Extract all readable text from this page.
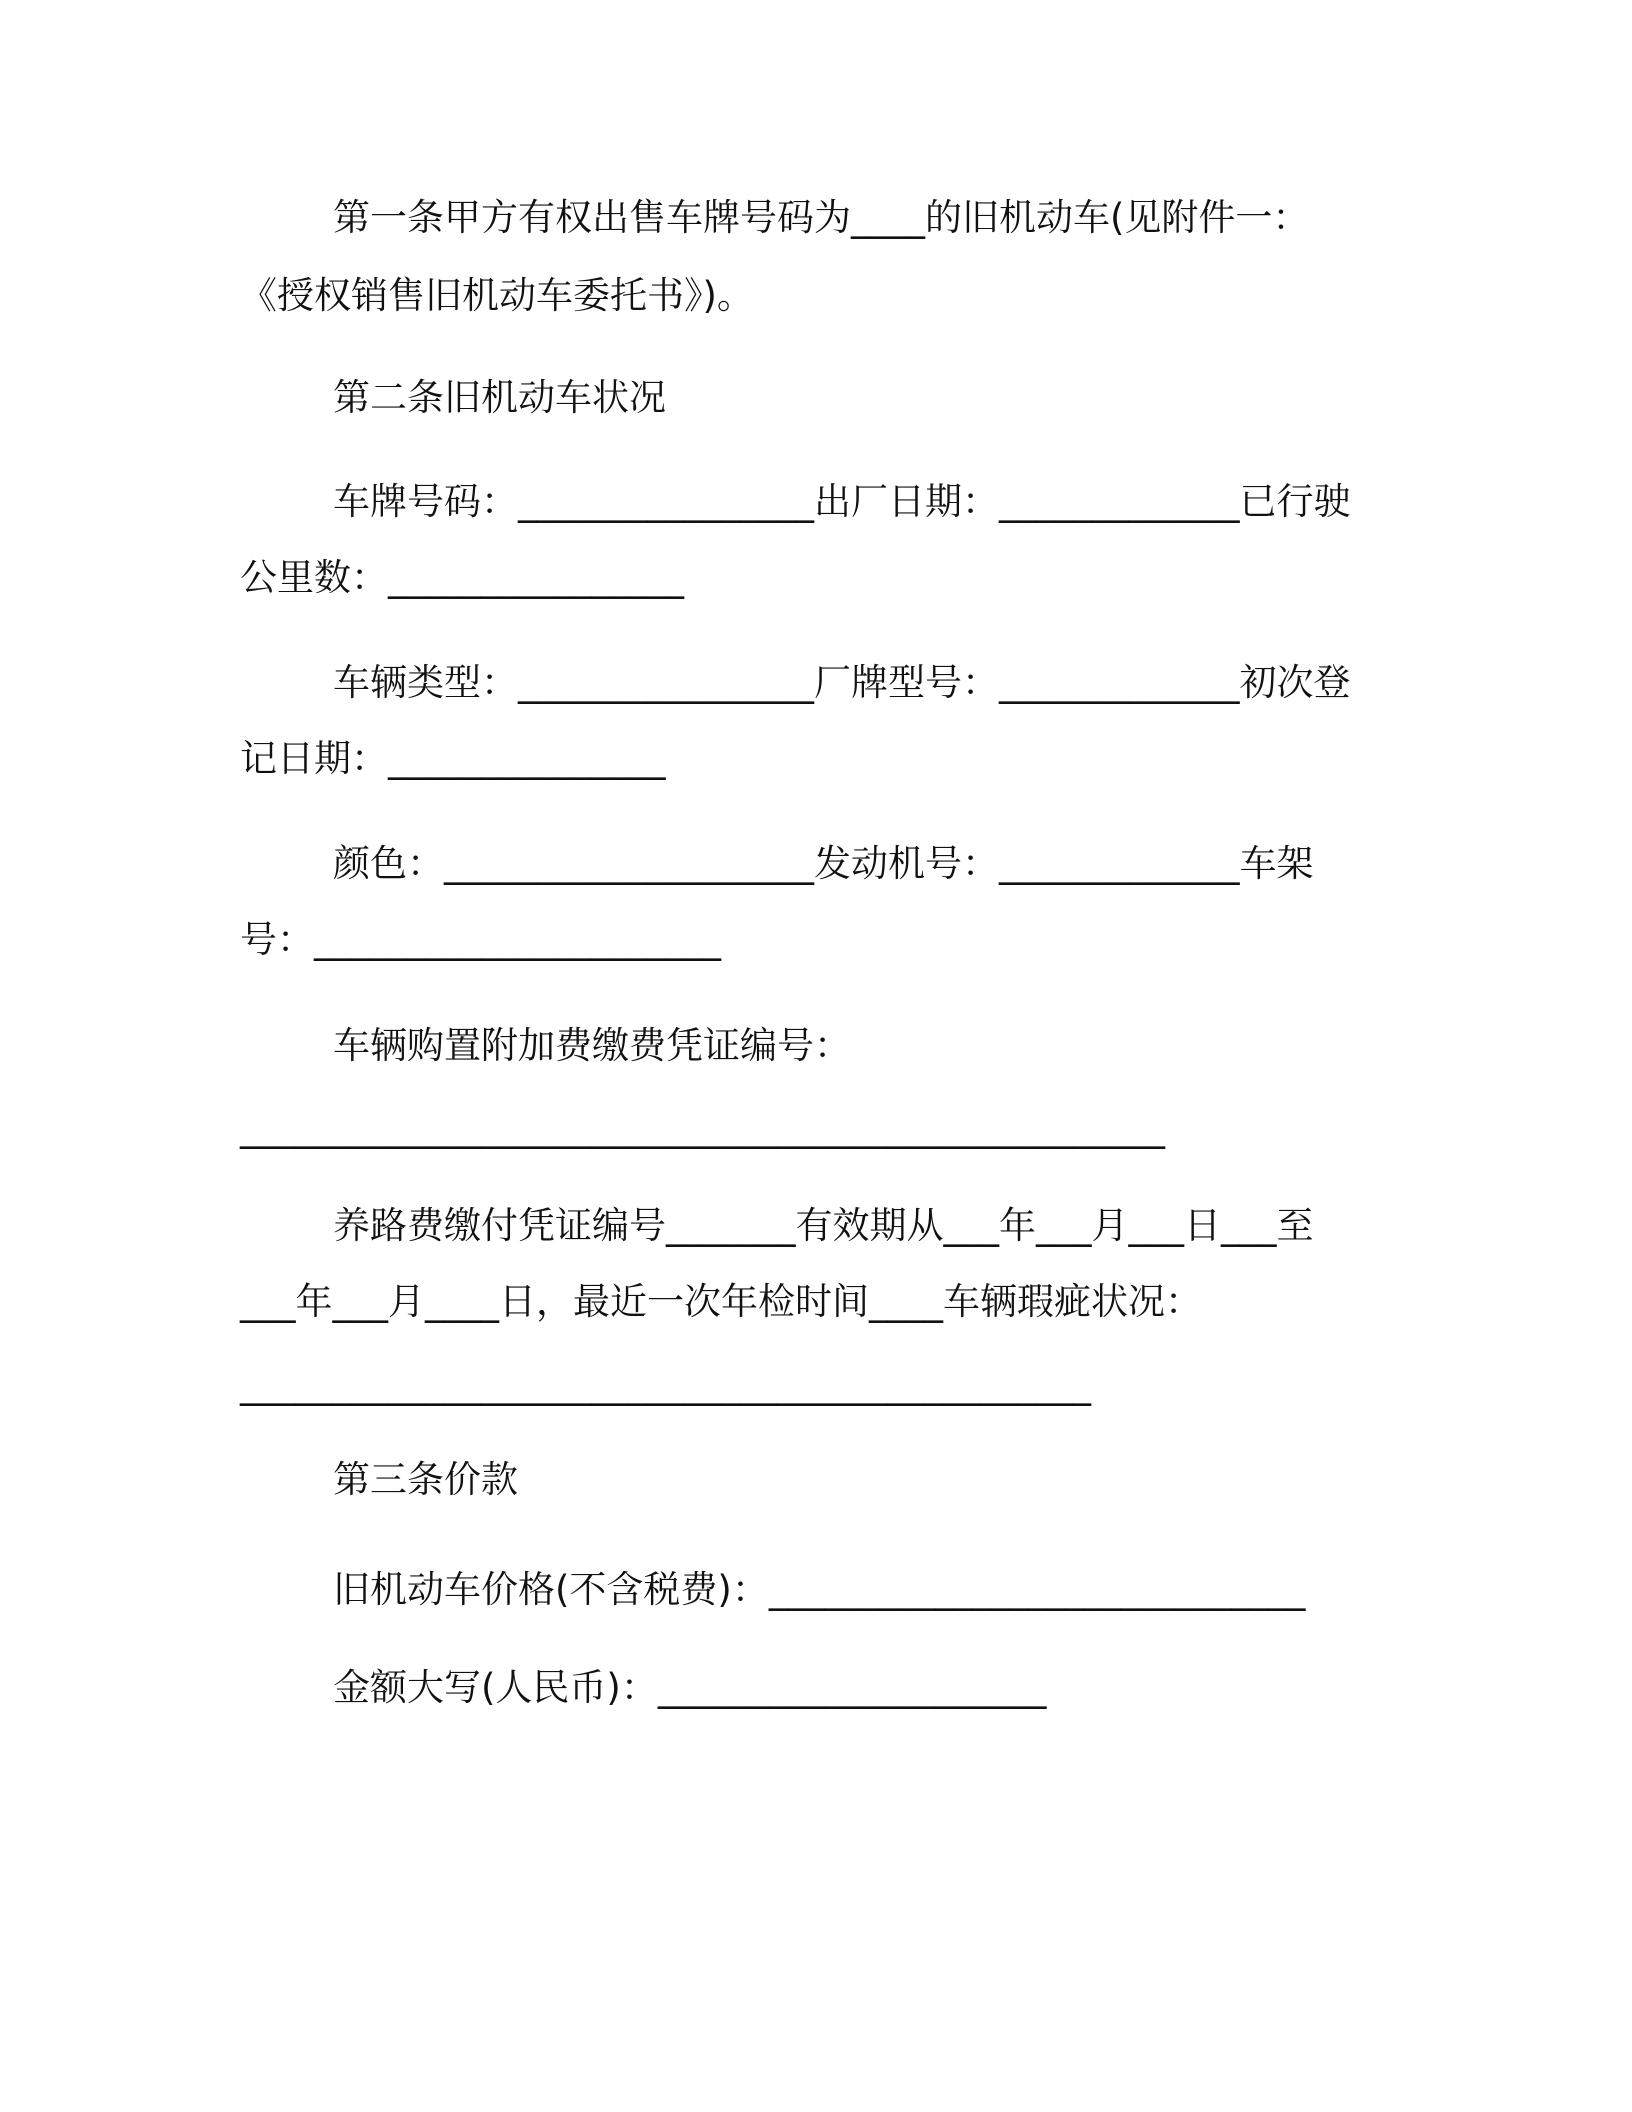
第一条甲方有权出售车牌号码为____的旧机动车(见附件一：
《授权销售旧机动车委托书》)。
第二条旧机动车状况
车牌号码：________________出厂日期：_____________已行驶
公里数：________________
车辆类型：________________厂牌型号：_____________初次登
记日期：_______________
颜色：____________________发动机号：_____________车架
号：______________________
车辆购置附加费缴费凭证编号：
__________________________________________________
养路费缴付凭证编号_______有效期从___年___月___日___至
___年___月____日，最近一次年检时间____车辆瑕疵状况：
______________________________________________
第三条价款
旧机动车价格(不含税费)：_____________________________
金额大写(人民币)：_____________________
